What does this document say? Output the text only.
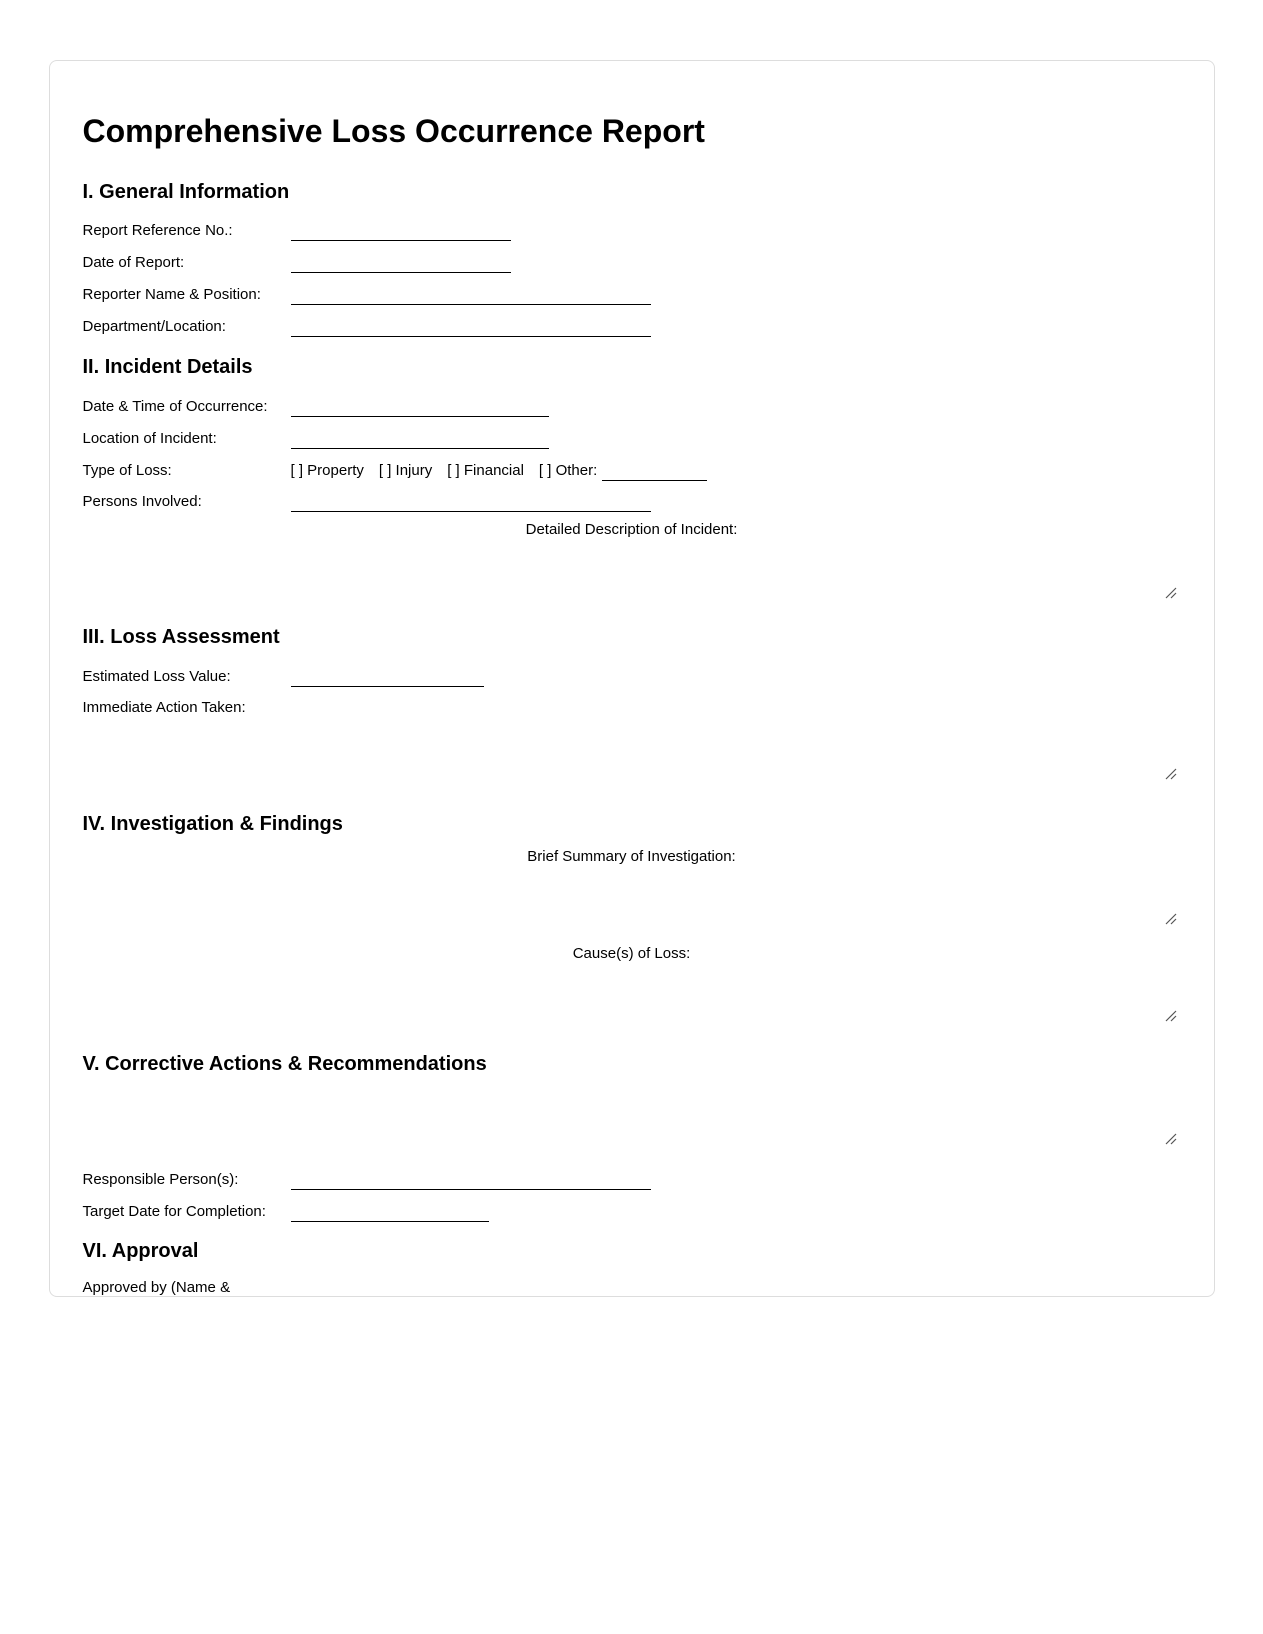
Comprehensive Loss Occurrence Report
I. General Information
Report Reference No.:
Date of Report:
Reporter Name & Position:
Department/Location:
II. Incident Details
Date & Time of Occurrence:
Location of Incident:
Type of Loss:	[ ] Property [ ] Injury [ ] Financial [ ] Other:
Persons Involved:
Detailed Description of Incident:
III. Loss Assessment
Estimated Loss Value:
Immediate Action Taken:
IV. Investigation & Findings
Brief Summary of Investigation:
Cause(s) of Loss:
V. Corrective Actions & Recommendations
Responsible Person(s):
Target Date for Completion:
VI. Approval
Approved by (Name &
